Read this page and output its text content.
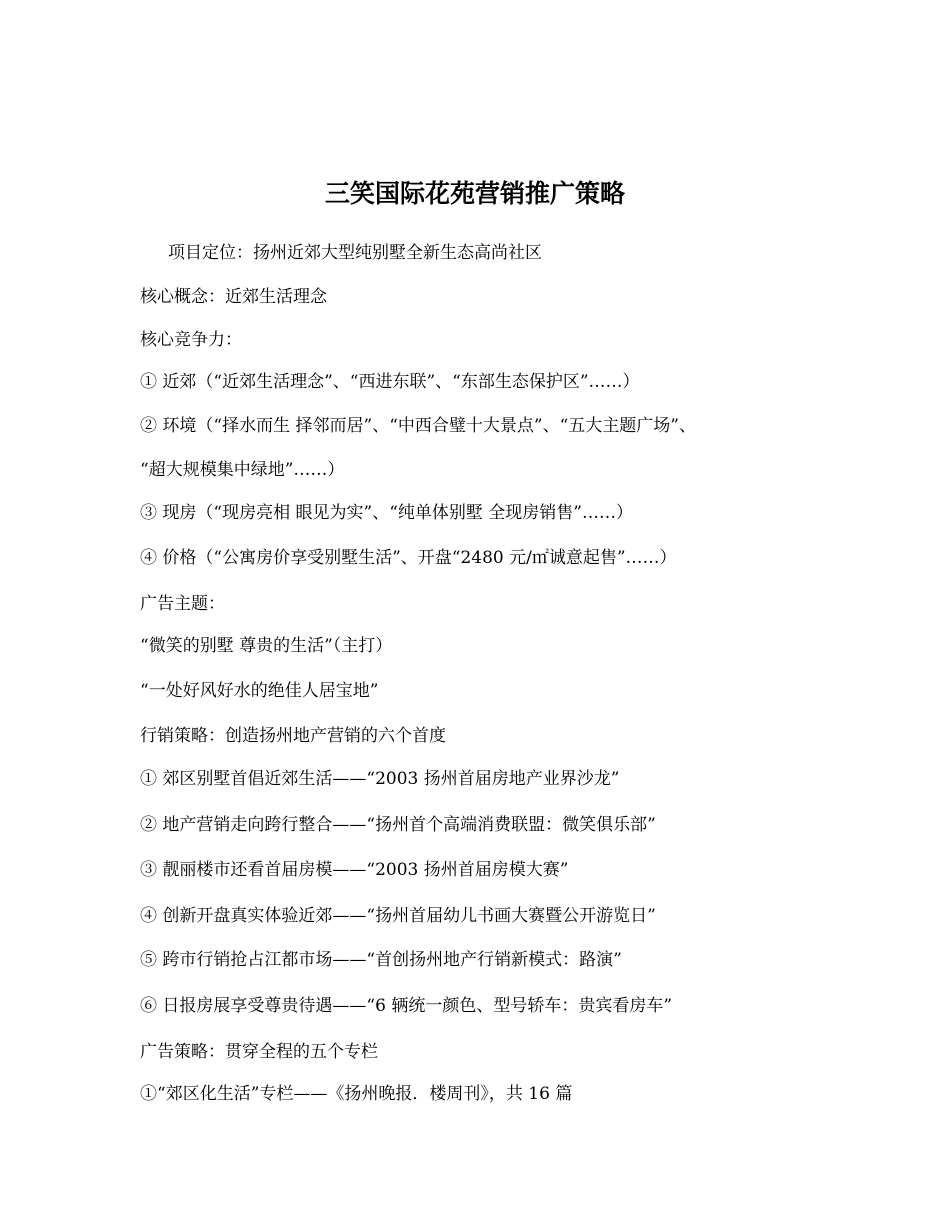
三笑国际花苑营销推广策略
项目定位：扬州近郊大型纯别墅全新生态高尚社区
核心概念：近郊生活理念
核心竞争力：
① 近郊（“近郊生活理念”、“西进东联”、“东部生态保护区”……）
② 环境（“择水而生 择邻而居”、“中西合璧十大景点”、“五大主题广场”、
“超大规模集中绿地”……）
③ 现房（“现房亮相 眼见为实”、“纯单体别墅 全现房销售”……）
④ 价格（“公寓房价享受别墅生活”、开盘“2480 元/㎡诚意起售”……）
广告主题：
“微笑的别墅 尊贵的生活”（主打）
“一处好风好水的绝佳人居宝地”
行销策略：创造扬州地产营销的六个首度
① 郊区别墅首倡近郊生活——“2003 扬州首届房地产业界沙龙”
② 地产营销走向跨行整合——“扬州首个高端消费联盟：微笑俱乐部”
③ 靓丽楼市还看首届房模——“2003 扬州首届房模大赛”
④ 创新开盘真实体验近郊——“扬州首届幼儿书画大赛暨公开游览日”
⑤ 跨市行销抢占江都市场——“首创扬州地产行销新模式：路演”
⑥ 日报房展享受尊贵待遇——“6 辆统一颜色、型号轿车：贵宾看房车”
广告策略：贯穿全程的五个专栏
①“郊区化生活”专栏——《扬州晚报．楼周刊》，共 16 篇
